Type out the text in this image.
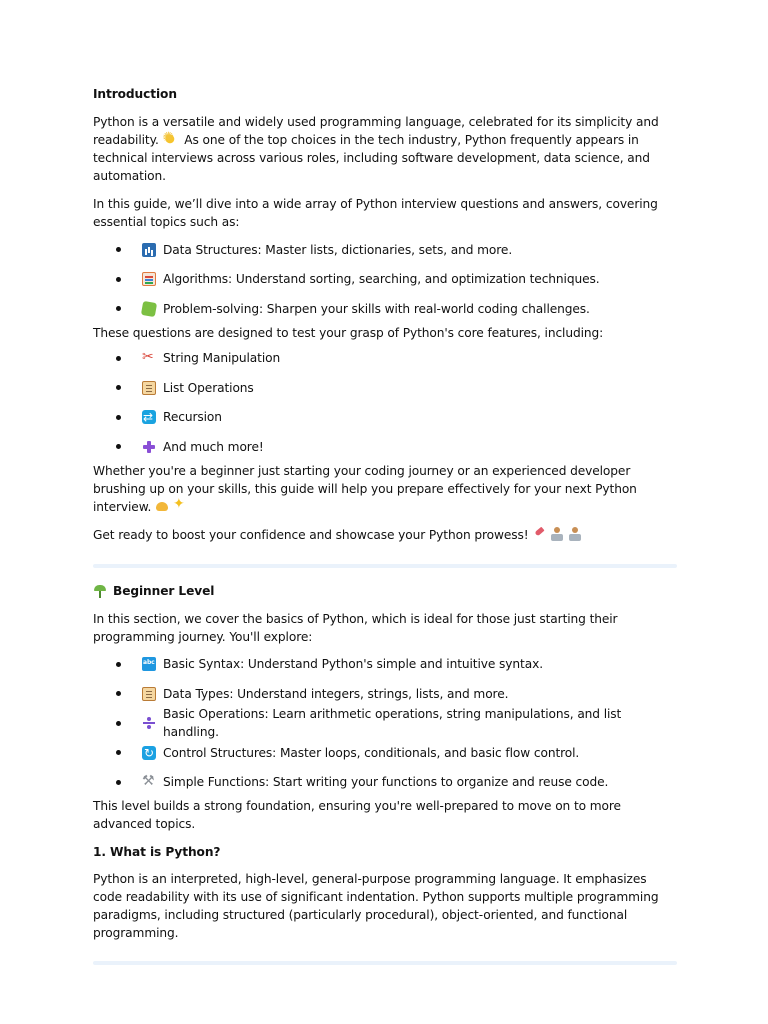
Introduction

Python is a versatile and widely used programming language, celebrated for its simplicity and readability. ✺ As one of the top choices in the tech industry, Python frequently appears in technical interviews across various roles, including software development, data science, and automation.

In this guide, we’ll dive into a wide array of Python interview questions and answers, covering essential topics such as:

Data Structures: Master lists, dictionaries, sets, and more.
Algorithms: Understand sorting, searching, and optimization techniques.
Problem-solving: Sharpen your skills with real-world coding challenges.

These questions are designed to test your grasp of Python's core features, including:

✂
String Manipulation
List Operations
⇄
Recursion
And much more!

Whether you're a beginner just starting your coding journey or an experienced developer brushing up on your skills, this guide will help you prepare effectively for your next Python interview. ✦

Get ready to boost your confidence and showcase your Python prowess!

Beginner Level

In this section, we cover the basics of Python, which is ideal for those just starting their programming journey. You'll explore:

abc
Basic Syntax: Understand Python's simple and intuitive syntax.
Data Types: Understand integers, strings, lists, and more.
Basic Operations: Learn arithmetic operations, string manipulations, and list handling.
↻
Control Structures: Master loops, conditionals, and basic flow control.
⚒
Simple Functions: Start writing your functions to organize and reuse code.

This level builds a strong foundation, ensuring you're well-prepared to move on to more advanced topics.

1. What is Python?

Python is an interpreted, high-level, general-purpose programming language. It emphasizes code readability with its use of significant indentation. Python supports multiple programming paradigms, including structured (particularly procedural), object-oriented, and functional programming.
